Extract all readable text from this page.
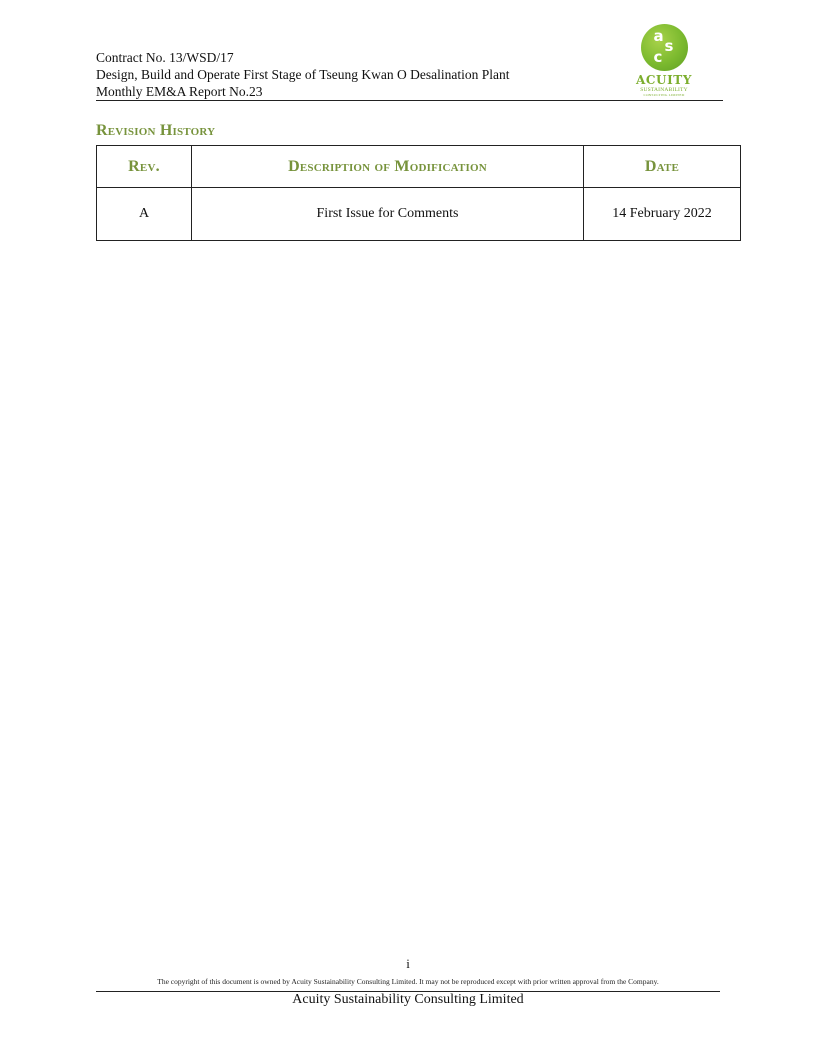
Contract No. 13/WSD/17
Design, Build and Operate First Stage of Tseung Kwan O Desalination Plant
Monthly EM&A Report No.23
a
s
c
ACUITY
SUSTAINABILITY
CONSULTING LIMITED
Revision History
Rev.	Description of Modification	Date
A	First Issue for Comments	14 February 2022
i
The copyright of this document is owned by Acuity Sustainability Consulting Limited. It may not be reproduced except with prior written approval from the Company.
Acuity Sustainability Consulting Limited
